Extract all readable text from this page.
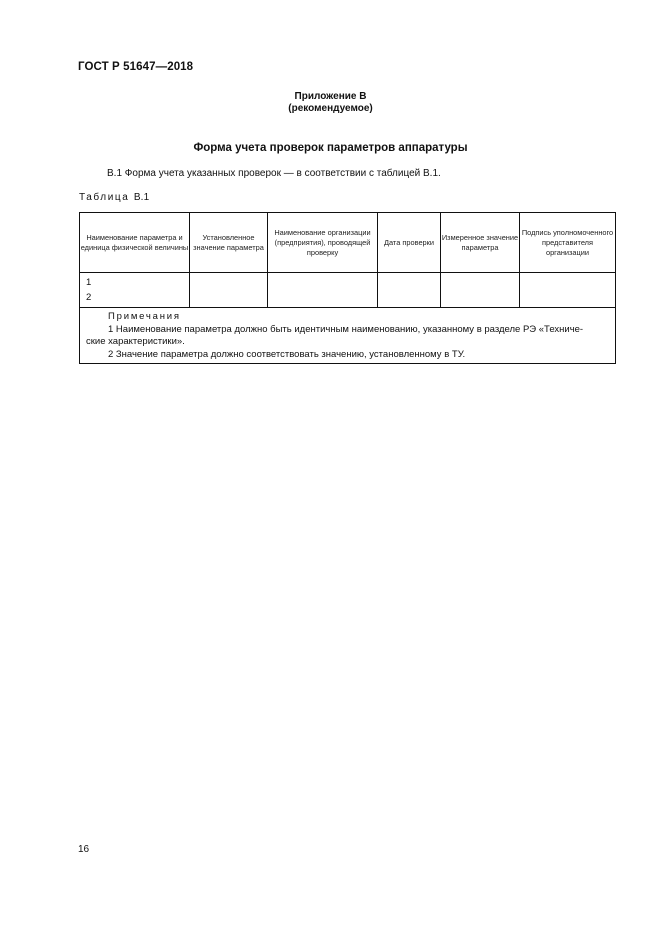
ГОСТ Р 51647—2018
Приложение В
(рекомендуемое)
Форма учета проверок параметров аппаратуры
В.1 Форма учета указанных проверок — в соответствии с таблицей В.1.
Таблица В.1
Наименование параметра и единица физической величины	Установленное значение параметра	Наименование организации (предприятия), проводящей проверку	Дата проверки	Измеренное значение параметра	Подпись уполномоченного представителя организации

1
2					

Примечания
1 Наименование параметра должно быть идентичным наименованию, указанному в разделе РЭ «Техниче-
ские характеристики».
2 Значение параметра должно соответствовать значению, установленному в ТУ.					
16
